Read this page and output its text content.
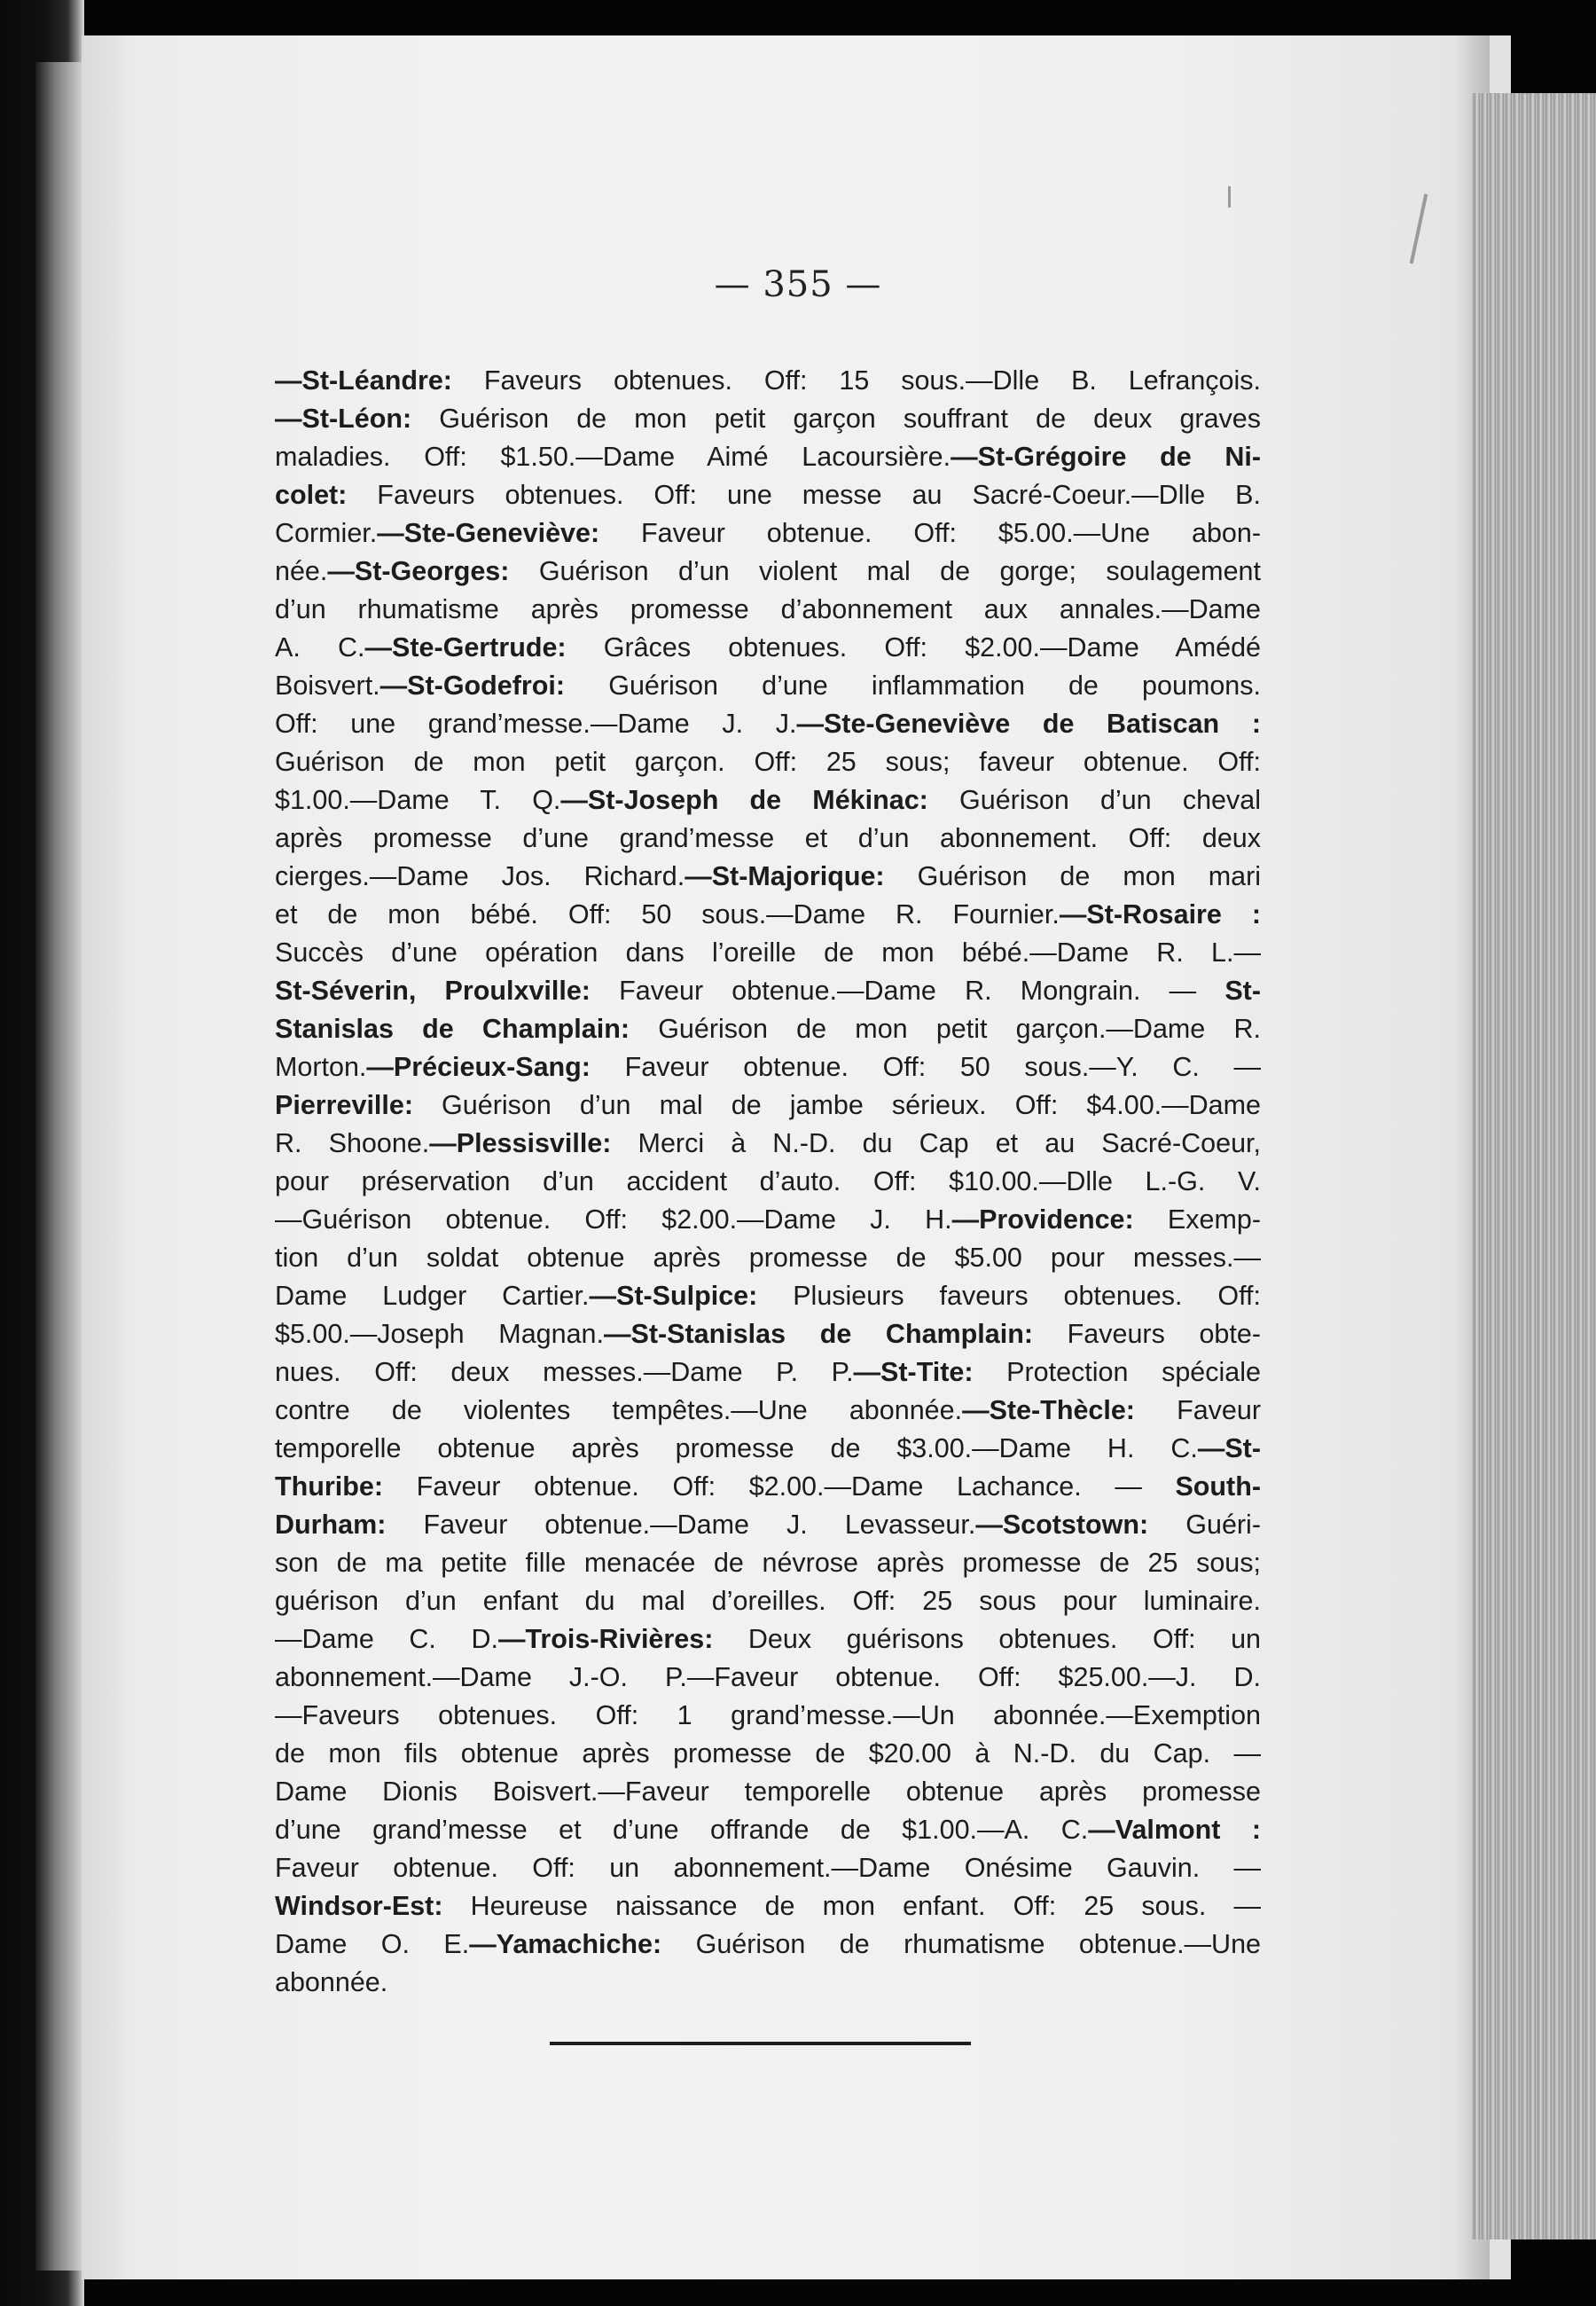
— 355 —
—St-Léandre: Faveurs obtenues. Off: 15 sous.—Dlle B. Lefrançois.
—St-Léon: Guérison de mon petit garçon souffrant de deux graves
maladies. Off: $1.50.—Dame Aimé Lacoursière.—St-Grégoire de Ni-
colet: Faveurs obtenues. Off: une messe au Sacré-Coeur.—Dlle B.
Cormier.—Ste-Geneviève: Faveur obtenue. Off: $5.00.—Une abon-
née.—St-Georges: Guérison d’un violent mal de gorge; soulagement
d’un rhumatisme après promesse d’abonnement aux annales.—Dame
A. C.—Ste-Gertrude: Grâces obtenues. Off: $2.00.—Dame Amédé
Boisvert.—St-Godefroi: Guérison d’une inflammation de poumons.
Off: une grand’messe.—Dame J. J.—Ste-Geneviève de Batiscan :
Guérison de mon petit garçon. Off: 25 sous; faveur obtenue. Off:
$1.00.—Dame T. Q.—St-Joseph de Mékinac: Guérison d’un cheval
après promesse d’une grand’messe et d’un abonnement. Off: deux
cierges.—Dame Jos. Richard.—St-Majorique: Guérison de mon mari
et de mon bébé. Off: 50 sous.—Dame R. Fournier.—St-Rosaire :
Succès d’une opération dans l’oreille de mon bébé.—Dame R. L.—
St-Séverin, Proulxville: Faveur obtenue.—Dame R. Mongrain. — St-
Stanislas de Champlain: Guérison de mon petit garçon.—Dame R.
Morton.—Précieux-Sang: Faveur obtenue. Off: 50 sous.—Y. C. —
Pierreville: Guérison d’un mal de jambe sérieux. Off: $4.00.—Dame
R. Shoone.—Plessisville: Merci à N.-D. du Cap et au Sacré-Coeur,
pour préservation d’un accident d’auto. Off: $10.00.—Dlle L.-G. V.
—Guérison obtenue. Off: $2.00.—Dame J. H.—Providence: Exemp-
tion d’un soldat obtenue après promesse de $5.00 pour messes.—
Dame Ludger Cartier.—St-Sulpice: Plusieurs faveurs obtenues. Off:
$5.00.—Joseph Magnan.—St-Stanislas de Champlain: Faveurs obte-
nues. Off: deux messes.—Dame P. P.—St-Tite: Protection spéciale
contre de violentes tempêtes.—Une abonnée.—Ste-Thècle: Faveur
temporelle obtenue après promesse de $3.00.—Dame H. C.—St-
Thuribe: Faveur obtenue. Off: $2.00.—Dame Lachance. — South-
Durham: Faveur obtenue.—Dame J. Levasseur.—Scotstown: Guéri-
son de ma petite fille menacée de névrose après promesse de 25 sous;
guérison d’un enfant du mal d’oreilles. Off: 25 sous pour luminaire.
—Dame C. D.—Trois-Rivières: Deux guérisons obtenues. Off: un
abonnement.—Dame J.-O. P.—Faveur obtenue. Off: $25.00.—J. D.
—Faveurs obtenues. Off: 1 grand’messe.—Un abonnée.—Exemption
de mon fils obtenue après promesse de $20.00 à N.-D. du Cap. —
Dame Dionis Boisvert.—Faveur temporelle obtenue après promesse
d’une grand’messe et d’une offrande de $1.00.—A. C.—Valmont :
Faveur obtenue. Off: un abonnement.—Dame Onésime Gauvin. —
Windsor-Est: Heureuse naissance de mon enfant. Off: 25 sous. —
Dame O. E.—Yamachiche: Guérison de rhumatisme obtenue.—Une
abonnée.
